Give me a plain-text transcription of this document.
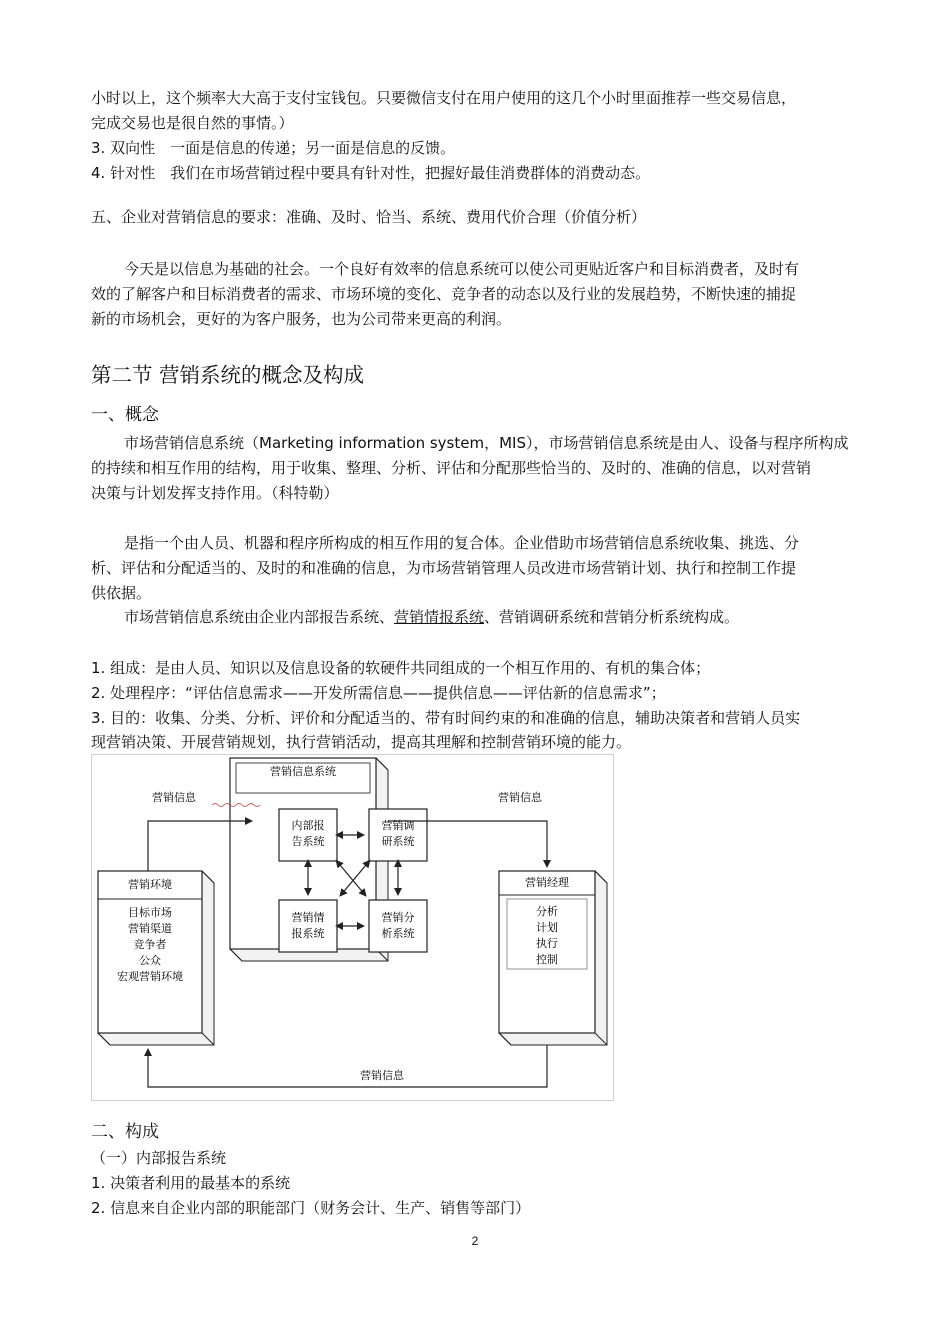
小时以上，这个频率大大高于支付宝钱包。只要微信支付在用户使用的这几个小时里面推荐一些交易信息，
完成交易也是很自然的事情。）
3. 双向性　一面是信息的传递；另一面是信息的反馈。
4. 针对性　我们在市场营销过程中要具有针对性，把握好最佳消费群体的消费动态。
五、企业对营销信息的要求：准确、及时、恰当、系统、费用代价合理（价值分析）
今天是以信息为基础的社会。一个良好有效率的信息系统可以使公司更贴近客户和目标消费者，及时有
效的了解客户和目标消费者的需求、市场环境的变化、竞争者的动态以及行业的发展趋势，不断快速的捕捉
新的市场机会，更好的为客户服务，也为公司带来更高的利润。
第二节 营销系统的概念及构成
一、概念
市场营销信息系统（Marketing information system，MIS），市场营销信息系统是由人、设备与程序所构成
的持续和相互作用的结构，用于收集、整理、分析、评估和分配那些恰当的、及时的、准确的信息，以对营销
决策与计划发挥支持作用。（科特勒）
是指一个由人员、机器和程序所构成的相互作用的复合体。企业借助市场营销信息系统收集、挑选、分
析、评估和分配适当的、及时的和准确的信息，为市场营销管理人员改进市场营销计划、执行和控制工作提
供依据。
市场营销信息系统由企业内部报告系统、营销情报系统、营销调研系统和营销分析系统构成。
1. 组成：是由人员、知识以及信息设备的软硬件共同组成的一个相互作用的、有机的集合体；
2. 处理程序：“评估信息需求——开发所需信息——提供信息——评估新的信息需求”；
3. 目的：收集、分类、分析、评价和分配适当的、带有时间约束的和准确的信息，辅助决策者和营销人员实
现营销决策、开展营销规划，执行营销活动，提高其理解和控制营销环境的能力。
营销信息系统
内部报
告系统
营销调
研系统
营销情
报系统
营销分
析系统
营销环境
目标市场
营销渠道
竞争者
公众
宏观营销环境
营销经理
分析
计划
执行
控制
营销信息	营销信息
营销信息
二、构成
（一）内部报告系统
1. 决策者利用的最基本的系统
2. 信息来自企业内部的职能部门（财务会计、生产、销售等部门）
2
